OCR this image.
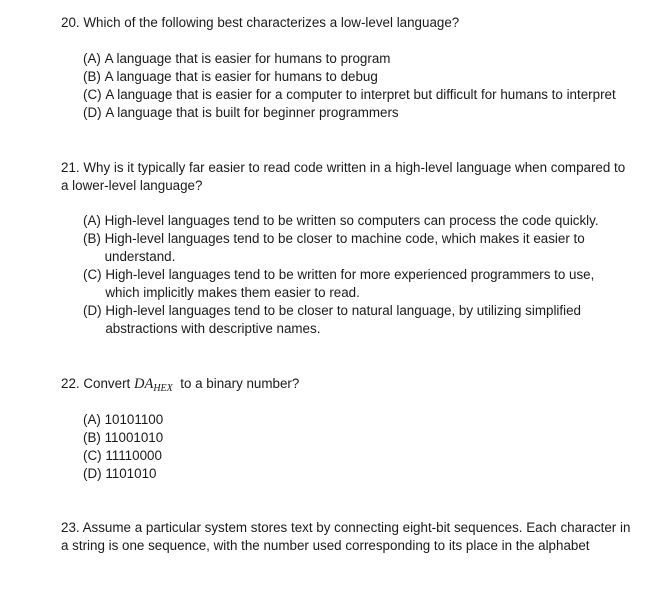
20. Which of the following best characterizes a low-level language?

(A)
A language that is easier for humans to program
(B)
A language that is easier for humans to debug
(C)
A language that is easier for a computer to interpret but difficult for humans to interpret
(D)
A language that is built for beginner programmers

21. Why is it typically far easier to read code written in a high-level language when compared to a lower-level language?

(A)
High-level languages tend to be written so computers can process the code quickly.
(B)
High-level languages tend to be closer to machine code, which makes it easier to understand.
(C)
High-level languages tend to be written for more experienced programmers to use, which implicitly makes them easier to read.
(D)
High-level languages tend to be closer to natural language, by utilizing simplified abstractions with descriptive names.

22. Convert $DA_{HEX}$ to a binary number?

(A)
10101100
(B)
11001010
(C)
11110000
(D)
1101010

23. Assume a particular system stores text by connecting eight-bit sequences. Each character in a string is one sequence, with the number used corresponding to its place in the alphabet
